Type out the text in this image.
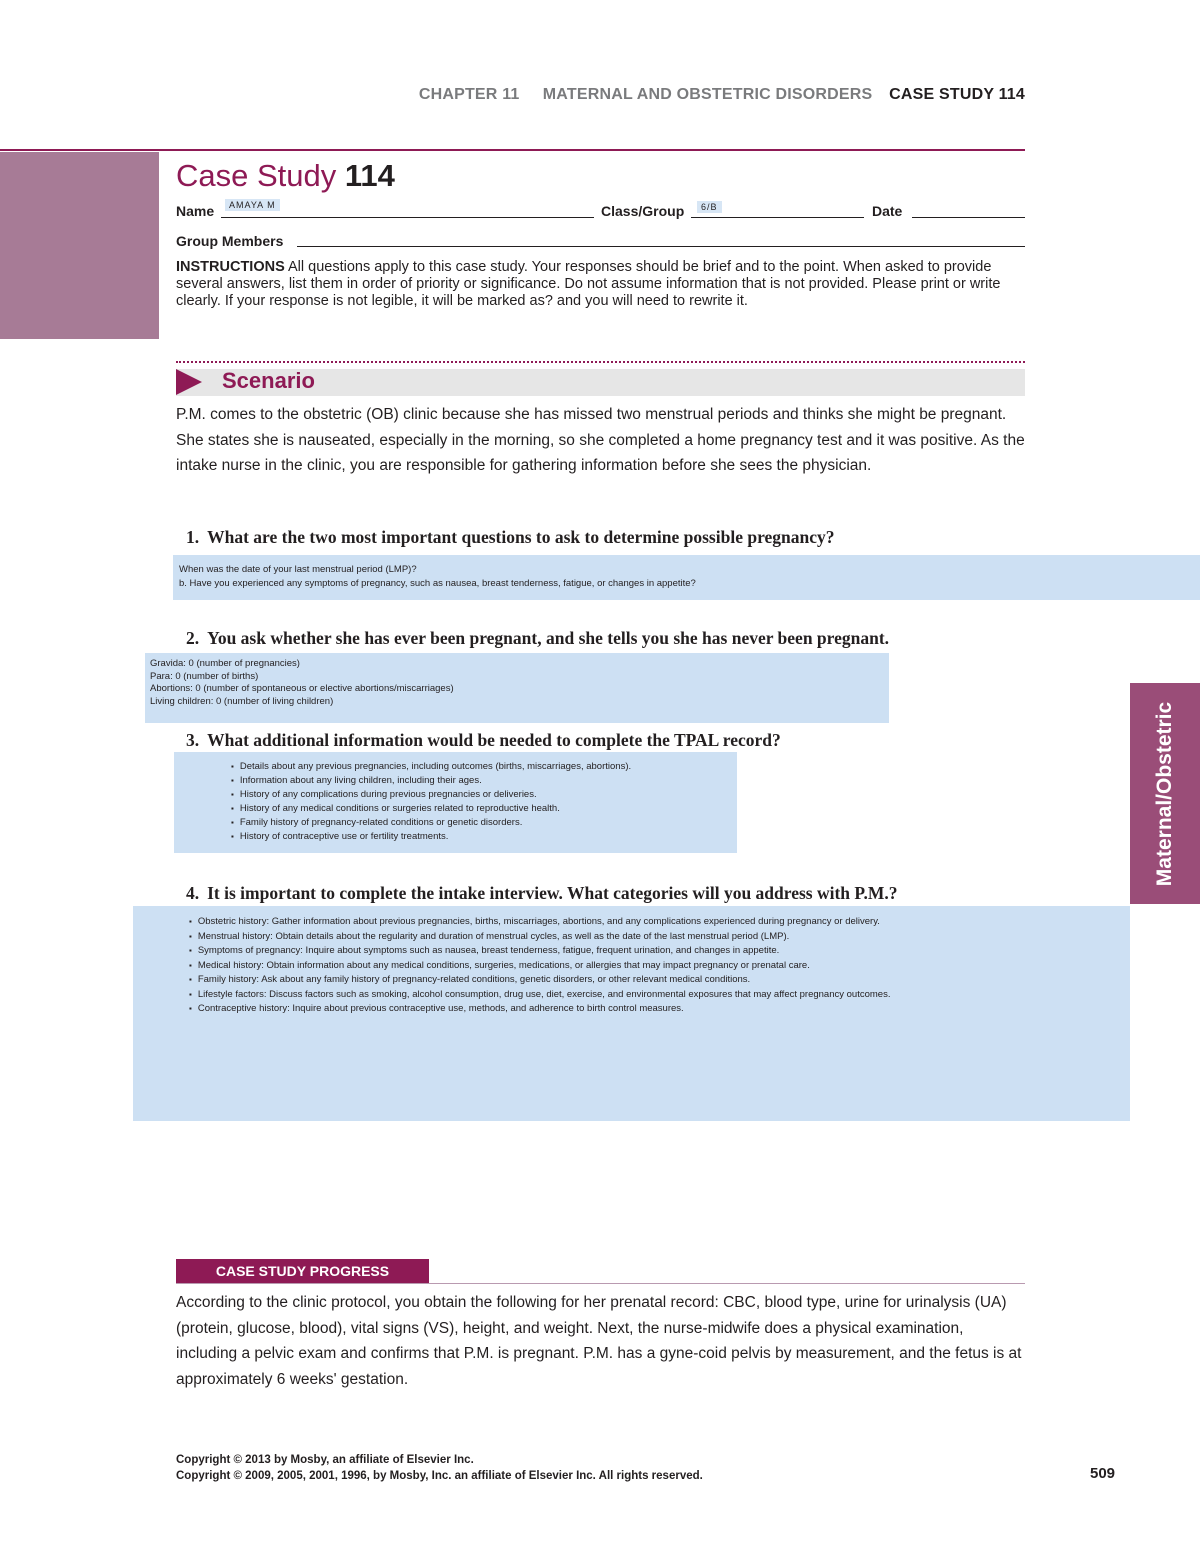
CHAPTER 11 MATERNAL AND OBSTETRIC DISORDERS CASE STUDY 114
Case Study 114
Name	AMAYA M	Class/Group	6/B	Date
Group Members
INSTRUCTIONS All questions apply to this case study. Your responses should be brief and to the point. When asked to provide several answers, list them in order of priority or significance. Do not assume information that is not provided. Please print or write clearly. If your response is not legible, it will be marked as? and you will need to rewrite it.
Scenario
P.M. comes to the obstetric (OB) clinic because she has missed two menstrual periods and thinks she might be pregnant. She states she is nauseated, especially in the morning, so she completed a home pregnancy test and it was positive. As the intake nurse in the clinic, you are responsible for gathering information before she sees the physician.
1. What are the two most important questions to ask to determine possible pregnancy?
When was the date of your last menstrual period (LMP)?
b. Have you experienced any symptoms of pregnancy, such as nausea, breast tenderness, fatigue, or changes in appetite?
2. You ask whether she has ever been pregnant, and she tells you she has never been pregnant.
Gravida: 0 (number of pregnancies)
Para: 0 (number of births)
Abortions: 0 (number of spontaneous or elective abortions/miscarriages)
Living children: 0 (number of living children)
3. What additional information would be needed to complete the TPAL record?
▪ Details about any previous pregnancies, including outcomes (births, miscarriages, abortions).
▪ Information about any living children, including their ages.
▪ History of any complications during previous pregnancies or deliveries.
▪ History of any medical conditions or surgeries related to reproductive health.
▪ Family history of pregnancy-related conditions or genetic disorders.
▪ History of contraceptive use or fertility treatments.	Maternal/Obstetric
4. It is important to complete the intake interview. What categories will you address with P.M.?
▪ Obstetric history: Gather information about previous pregnancies, births, miscarriages, abortions, and any complications experienced during pregnancy or delivery.
▪ Menstrual history: Obtain details about the regularity and duration of menstrual cycles, as well as the date of the last menstrual period (LMP).
▪ Symptoms of pregnancy: Inquire about symptoms such as nausea, breast tenderness, fatigue, frequent urination, and changes in appetite.
▪ Medical history: Obtain information about any medical conditions, surgeries, medications, or allergies that may impact pregnancy or prenatal care.
▪ Family history: Ask about any family history of pregnancy-related conditions, genetic disorders, or other relevant medical conditions.
▪ Lifestyle factors: Discuss factors such as smoking, alcohol consumption, drug use, diet, exercise, and environmental exposures that may affect pregnancy outcomes.
▪ Contraceptive history: Inquire about previous contraceptive use, methods, and adherence to birth control measures.
CASE STUDY PROGRESS
According to the clinic protocol, you obtain the following for her prenatal record: CBC, blood type, urine for urinalysis (UA) (protein, glucose, blood), vital signs (VS), height, and weight. Next, the nurse-midwife does a physical examination, including a pelvic exam and confirms that P.M. is pregnant. P.M. has a gyne-coid pelvis by measurement, and the fetus is at approximately 6 weeks' gestation.
Copyright © 2013 by Mosby, an affiliate of Elsevier Inc.
Copyright © 2009, 2005, 2001, 1996, by Mosby, Inc. an affiliate of Elsevier Inc. All rights reserved.	509
